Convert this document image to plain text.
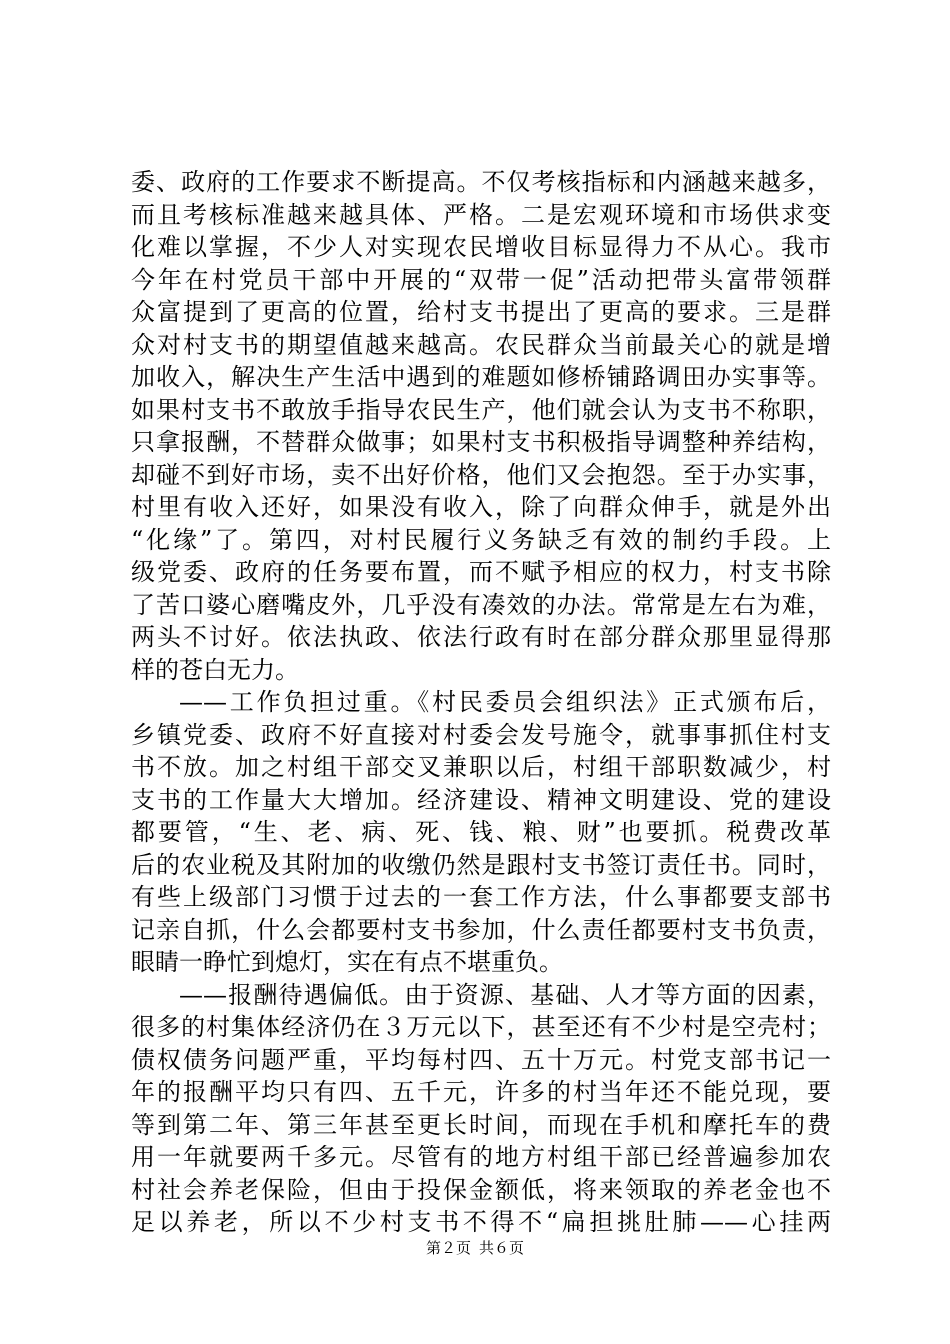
委、政府的工作要求不断提高。不仅考核指标和内涵越来越多，
而且考核标准越来越具体、严格。二是宏观环境和市场供求变
化难以掌握，不少人对实现农民增收目标显得力不从心。我市
今年在村党员干部中开展的“双带一促”活动把带头富带领群
众富提到了更高的位置，给村支书提出了更高的要求。三是群
众对村支书的期望值越来越高。农民群众当前最关心的就是增
加收入，解决生产生活中遇到的难题如修桥铺路调田办实事等。
如果村支书不敢放手指导农民生产，他们就会认为支书不称职，
只拿报酬，不替群众做事；如果村支书积极指导调整种养结构，
却碰不到好市场，卖不出好价格，他们又会抱怨。至于办实事，
村里有收入还好，如果没有收入，除了向群众伸手，就是外出
“化缘”了。第四，对村民履行义务缺乏有效的制约手段。上
级党委、政府的任务要布置，而不赋予相应的权力，村支书除
了苦口婆心磨嘴皮外，几乎没有凑效的办法。常常是左右为难，
两头不讨好。依法执政、依法行政有时在部分群众那里显得那
样的苍白无力。
——工作负担过重。《村民委员会组织法》正式颁布后，
乡镇党委、政府不好直接对村委会发号施令，就事事抓住村支
书不放。加之村组干部交叉兼职以后，村组干部职数减少，村
支书的工作量大大增加。经济建设、精神文明建设、党的建设
都要管，“生、老、病、死、钱、粮、财”也要抓。税费改革
后的农业税及其附加的收缴仍然是跟村支书签订责任书。同时，
有些上级部门习惯于过去的一套工作方法，什么事都要支部书
记亲自抓，什么会都要村支书参加，什么责任都要村支书负责，
眼睛一睁忙到熄灯，实在有点不堪重负。
——报酬待遇偏低。由于资源、基础、人才等方面的因素，
很多的村集体经济仍在３万元以下，甚至还有不少村是空壳村；
债权债务问题严重，平均每村四、五十万元。村党支部书记一
年的报酬平均只有四、五千元，许多的村当年还不能兑现，要
等到第二年、第三年甚至更长时间，而现在手机和摩托车的费
用一年就要两千多元。尽管有的地方村组干部已经普遍参加农
村社会养老保险，但由于投保金额低，将来领取的养老金也不
足以养老，所以不少村支书不得不“扁担挑肚肺——心挂两
第２页 共６页
